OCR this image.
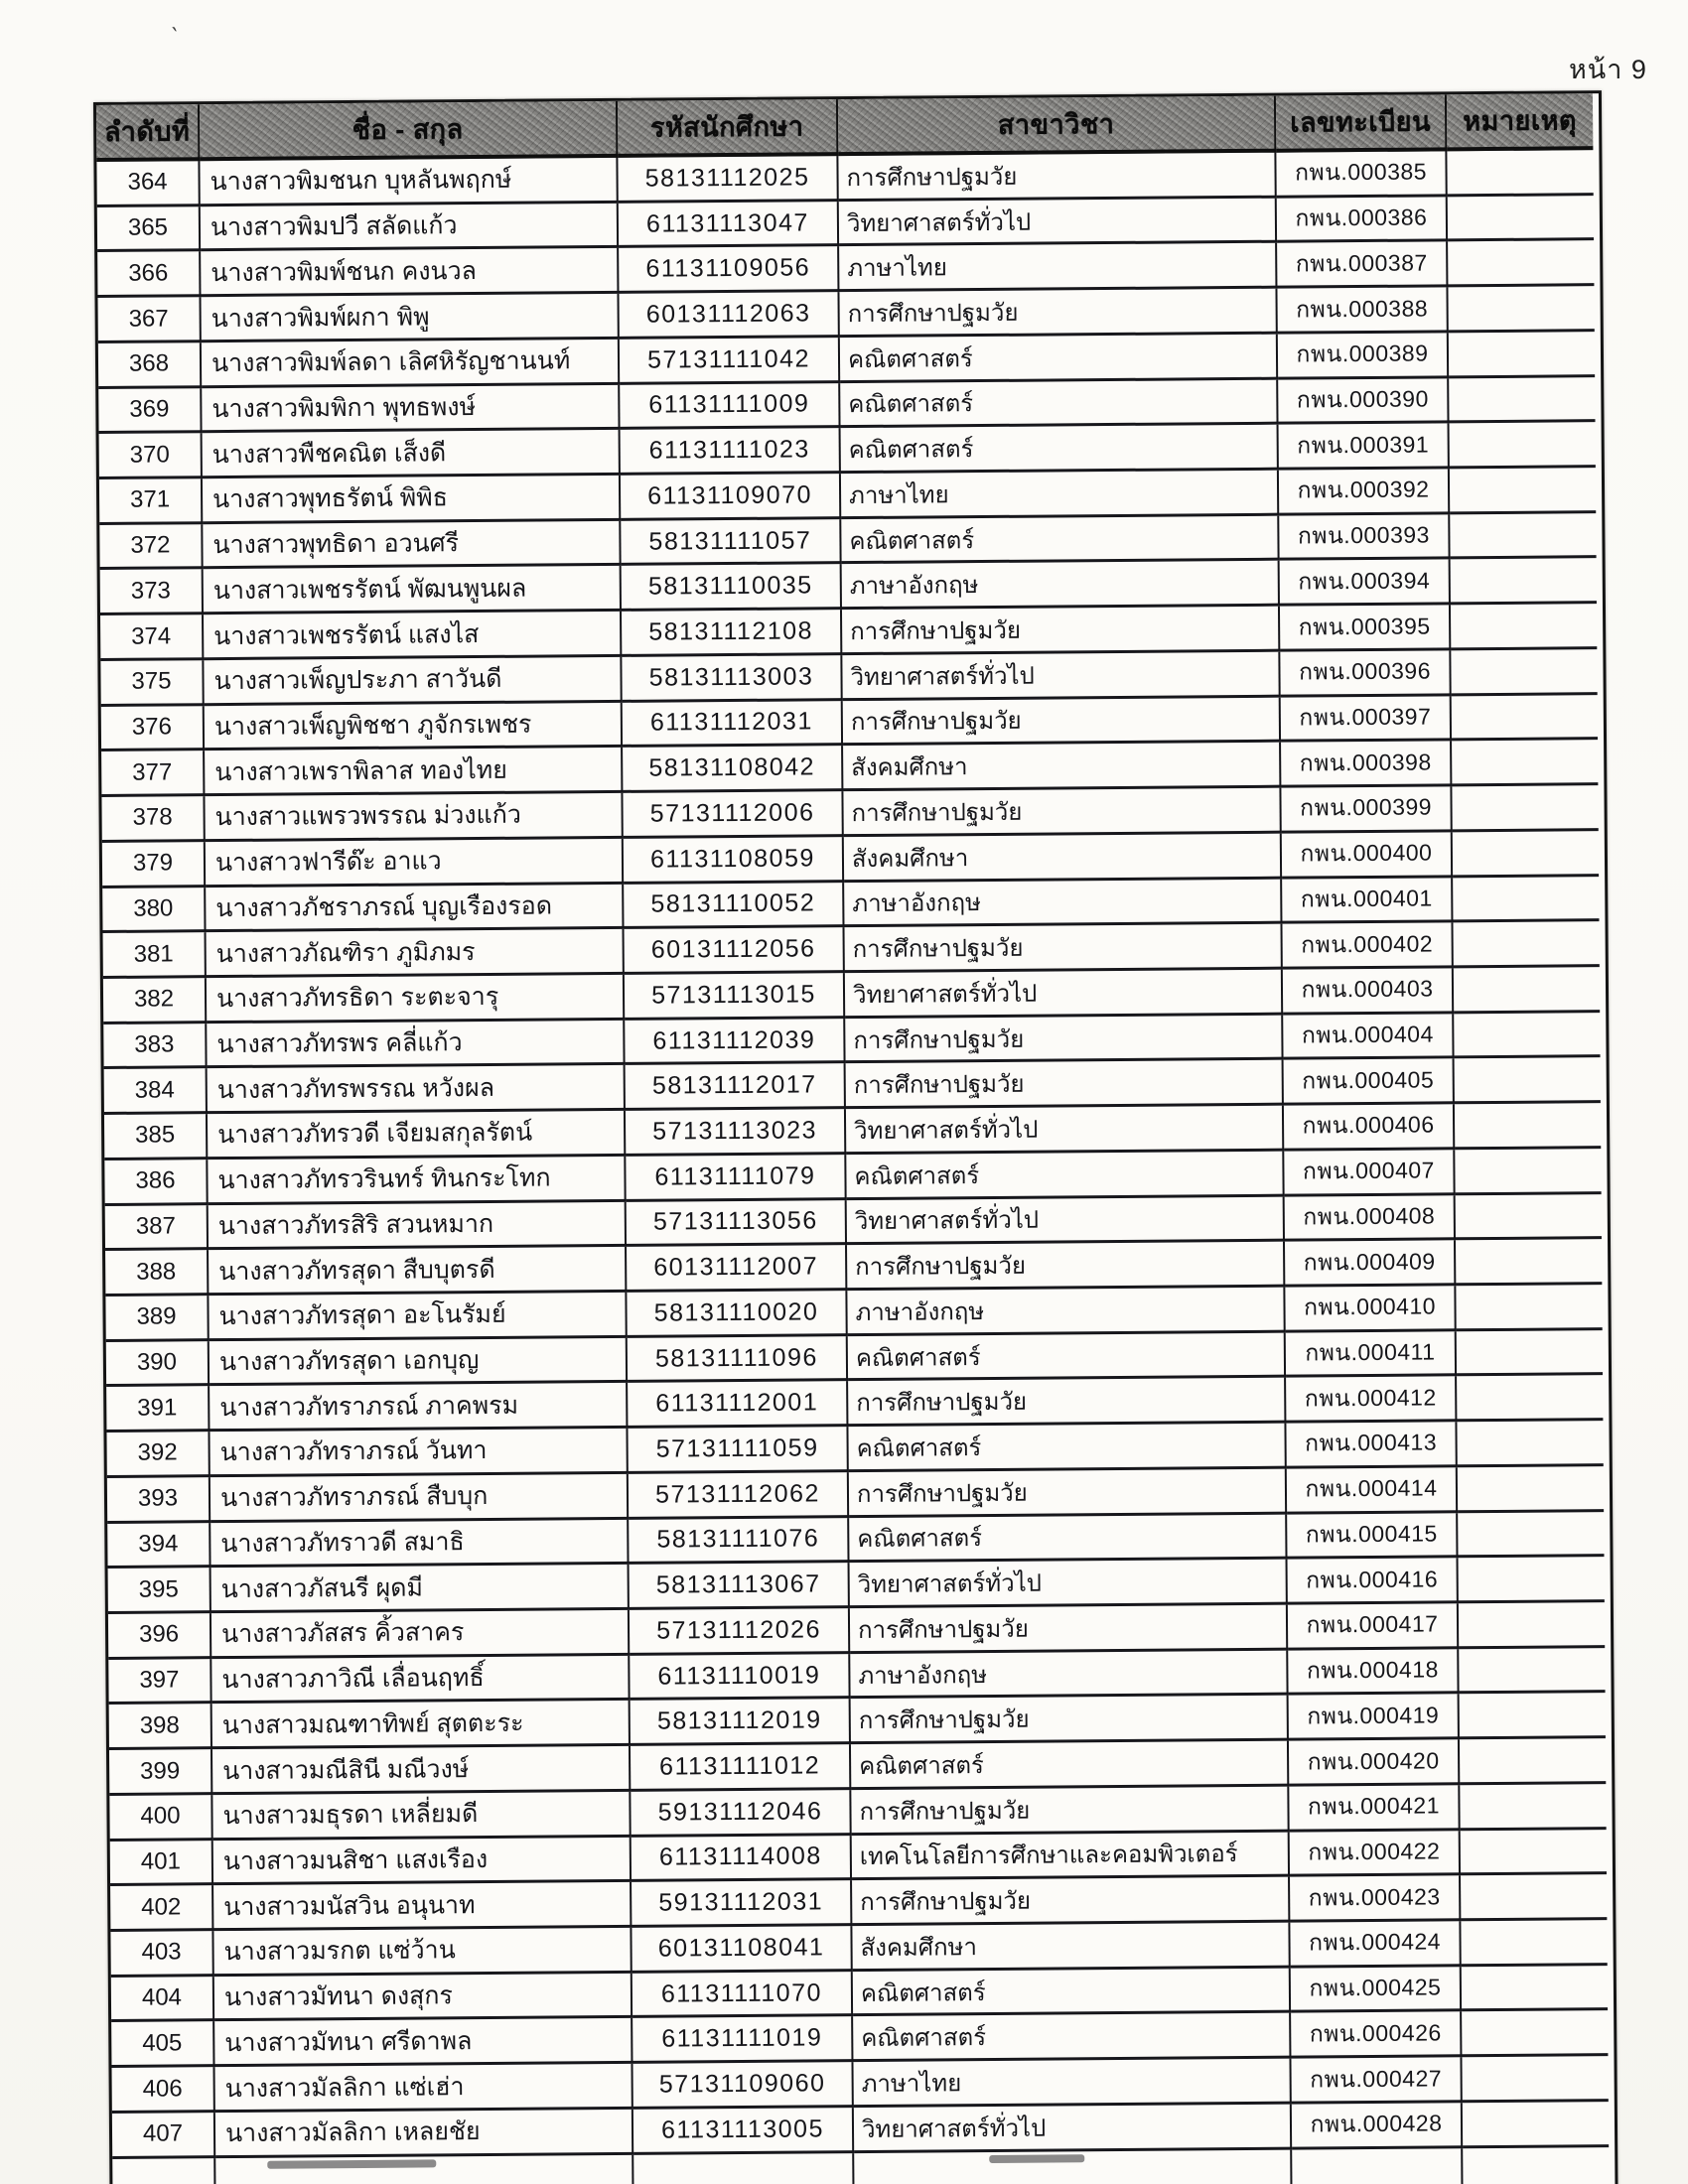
`
หน้า 9
ลำดับที่	ชื่อ - สกุล	รหัสนักศึกษา	สาขาวิชา	เลขทะเบียน	หมายเหตุ
364	นางสาวพิมชนก บุหลันพฤกษ์	58131112025	การศึกษาปฐมวัย	กพน.000385
365	นางสาวพิมปวี สลัดแก้ว	61131113047	วิทยาศาสตร์ทั่วไป	กพน.000386
366	นางสาวพิมพ์ชนก คงนวล	61131109056	ภาษาไทย	กพน.000387
367	นางสาวพิมพ์ผกา พิพู	60131112063	การศึกษาปฐมวัย	กพน.000388
368	นางสาวพิมพ์ลดา เลิศหิรัญชานนท์	57131111042	คณิตศาสตร์	กพน.000389
369	นางสาวพิมพิกา พุทธพงษ์	61131111009	คณิตศาสตร์	กพน.000390
370	นางสาวพืชคณิต เส็งดี	61131111023	คณิตศาสตร์	กพน.000391
371	นางสาวพุทธรัตน์ พิพิธ	61131109070	ภาษาไทย	กพน.000392
372	นางสาวพุทธิดา อวนศรี	58131111057	คณิตศาสตร์	กพน.000393
373	นางสาวเพชรรัตน์ พัฒนพูนผล	58131110035	ภาษาอังกฤษ	กพน.000394
374	นางสาวเพชรรัตน์ แสงไส	58131112108	การศึกษาปฐมวัย	กพน.000395
375	นางสาวเพ็ญประภา สาวันดี	58131113003	วิทยาศาสตร์ทั่วไป	กพน.000396
376	นางสาวเพ็ญพิชชา ภูจักรเพชร	61131112031	การศึกษาปฐมวัย	กพน.000397
377	นางสาวเพราพิลาส ทองไทย	58131108042	สังคมศึกษา	กพน.000398
378	นางสาวแพรวพรรณ ม่วงแก้ว	57131112006	การศึกษาปฐมวัย	กพน.000399
379	นางสาวฟารีด๊ะ อาแว	61131108059	สังคมศึกษา	กพน.000400
380	นางสาวภัชราภรณ์ บุญเรืองรอด	58131110052	ภาษาอังกฤษ	กพน.000401
381	นางสาวภัณฑิรา ภูมิภมร	60131112056	การศึกษาปฐมวัย	กพน.000402
382	นางสาวภัทรธิดา ระตะจารุ	57131113015	วิทยาศาสตร์ทั่วไป	กพน.000403
383	นางสาวภัทรพร คลี่แก้ว	61131112039	การศึกษาปฐมวัย	กพน.000404
384	นางสาวภัทรพรรณ หวังผล	58131112017	การศึกษาปฐมวัย	กพน.000405
385	นางสาวภัทรวดี เจียมสกุลรัตน์	57131113023	วิทยาศาสตร์ทั่วไป	กพน.000406
386	นางสาวภัทรวรินทร์ ทินกระโทก	61131111079	คณิตศาสตร์	กพน.000407
387	นางสาวภัทรสิริ สวนหมาก	57131113056	วิทยาศาสตร์ทั่วไป	กพน.000408
388	นางสาวภัทรสุดา สืบบุตรดี	60131112007	การศึกษาปฐมวัย	กพน.000409
389	นางสาวภัทรสุดา อะโนรัมย์	58131110020	ภาษาอังกฤษ	กพน.000410
390	นางสาวภัทรสุดา เอกบุญ	58131111096	คณิตศาสตร์	กพน.000411
391	นางสาวภัทราภรณ์ ภาคพรม	61131112001	การศึกษาปฐมวัย	กพน.000412
392	นางสาวภัทราภรณ์ วันทา	57131111059	คณิตศาสตร์	กพน.000413
393	นางสาวภัทราภรณ์ สืบบุก	57131112062	การศึกษาปฐมวัย	กพน.000414
394	นางสาวภัทราวดี สมาธิ	58131111076	คณิตศาสตร์	กพน.000415
395	นางสาวภัสนรี ผุดมี	58131113067	วิทยาศาสตร์ทั่วไป	กพน.000416
396	นางสาวภัสสร คิ้วสาคร	57131112026	การศึกษาปฐมวัย	กพน.000417
397	นางสาวภาวิณี เลื่อนฤทธิ์	61131110019	ภาษาอังกฤษ	กพน.000418
398	นางสาวมณฑาทิพย์ สุตตะระ	58131112019	การศึกษาปฐมวัย	กพน.000419
399	นางสาวมณีสินี มณีวงษ์	61131111012	คณิตศาสตร์	กพน.000420
400	นางสาวมธุรดา เหลี่ยมดี	59131112046	การศึกษาปฐมวัย	กพน.000421
401	นางสาวมนสิชา แสงเรือง	61131114008	เทคโนโลยีการศึกษาและคอมพิวเตอร์	กพน.000422
402	นางสาวมนัสวิน อนุนาท	59131112031	การศึกษาปฐมวัย	กพน.000423
403	นางสาวมรกต แซ่ว้าน	60131108041	สังคมศึกษา	กพน.000424
404	นางสาวมัทนา ดงสุกร	61131111070	คณิตศาสตร์	กพน.000425
405	นางสาวมัทนา ศรีดาพล	61131111019	คณิตศาสตร์	กพน.000426
406	นางสาวมัลลิกา แซ่เฮ่า	57131109060	ภาษาไทย	กพน.000427
407	นางสาวมัลลิกา เหลยชัย	61131113005	วิทยาศาสตร์ทั่วไป	กพน.000428
